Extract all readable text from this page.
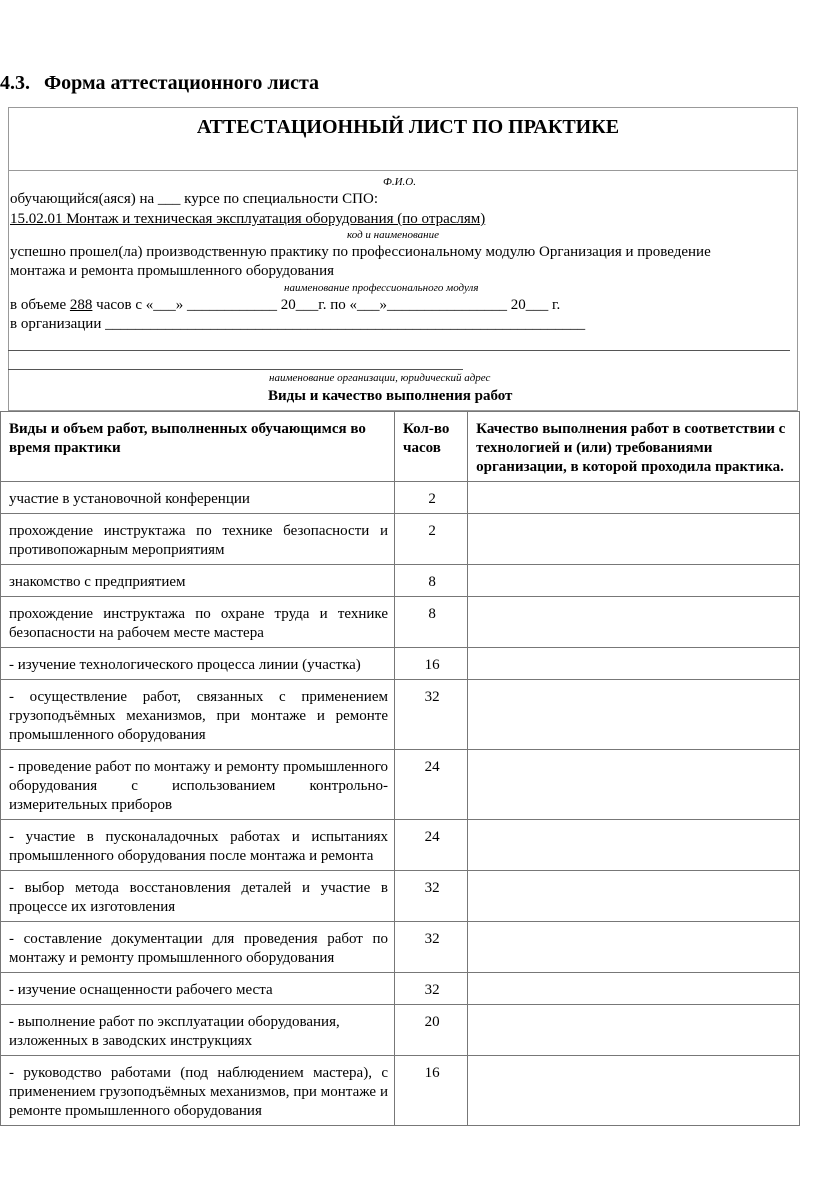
4.3. Форма аттестационного листа
АТТЕСТАЦИОННЫЙ ЛИСТ ПО ПРАКТИКЕ
Ф.И.О.
обучающийся(аяся) на ___ курсе по специальности СПО:
15.02.01 Монтаж и техническая эксплуатация оборудования (по отраслям)
код и наименование
успешно прошел(ла) производственную практику по профессиональному модулю Организация и проведение
монтажа и ремонта промышленного оборудования
наименование профессионального модуля
в объеме 288 часов с «___» ____________ 20___г. по «___»________________ 20___ г.
в организации ________________________________________________________________
наименование организации, юридический адрес
Виды и качество выполнения работ
Виды и объем работ, выполненных обучающимся во время практики	Кол-во часов	Качество выполнения работ в соответствии с технологией и (или) требованиями организации, в которой проходила практика.
участие в установочной конференции	2	
прохождение инструктажа по технике безопасности и противопожарным мероприятиям	2	
знакомство с предприятием	8	
прохождение инструктажа по охране труда и технике безопасности на рабочем месте мастера	8	
- изучение технологического процесса линии (участка)	16	
- осуществление работ, связанных с применением грузоподъёмных механизмов, при монтаже и ремонте промышленного оборудования	32	
- проведение работ по монтажу и ремонту промышленного оборудования с использованием контрольно-измерительных приборов	24	
- участие в пусконаладочных работах и испытаниях промышленного оборудования после монтажа и ремонта	24	
- выбор метода восстановления деталей и участие в процессе их изготовления	32	
- составление документации для проведения работ по монтажу и ремонту промышленного оборудования	32	
- изучение оснащенности рабочего места	32	
- выполнение работ по эксплуатации оборудования, изложенных в заводских инструкциях	20	
- руководство работами (под наблюдением мастера), с применением грузоподъёмных механизмов, при монтаже и ремонте промышленного оборудования	16	
